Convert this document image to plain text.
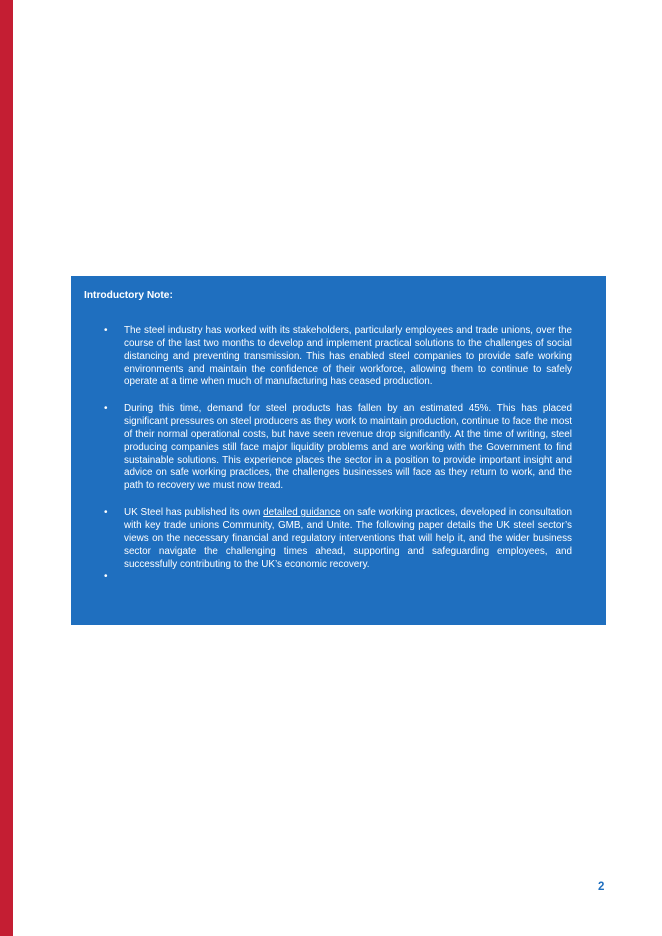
Introductory Note:
• The steel industry has worked with its stakeholders, particularly employees and trade unions, over the course of the last two months to develop and implement practical solutions to the challenges of social distancing and preventing transmission. This has enabled steel companies to provide safe working environments and maintain the confidence of their workforce, allowing them to continue to safely operate at a time when much of manufacturing has ceased production.
• During this time, demand for steel products has fallen by an estimated 45%. This has placed significant pressures on steel producers as they work to maintain production, continue to face the most of their normal operational costs, but have seen revenue drop significantly. At the time of writing, steel producing companies still face major liquidity problems and are working with the Government to find sustainable solutions. This experience places the sector in a position to provide important insight and advice on safe working practices, the challenges businesses will face as they return to work, and the path to recovery we must now tread.
• UK Steel has published its own detailed guidance on safe working practices, developed in consultation with key trade unions Community, GMB, and Unite. The following paper details the UK steel sector’s views on the necessary financial and regulatory interventions that will help it, and the wider business sector navigate the challenging times ahead, supporting and safeguarding employees, and successfully contributing to the UK’s economic recovery.
•
2
